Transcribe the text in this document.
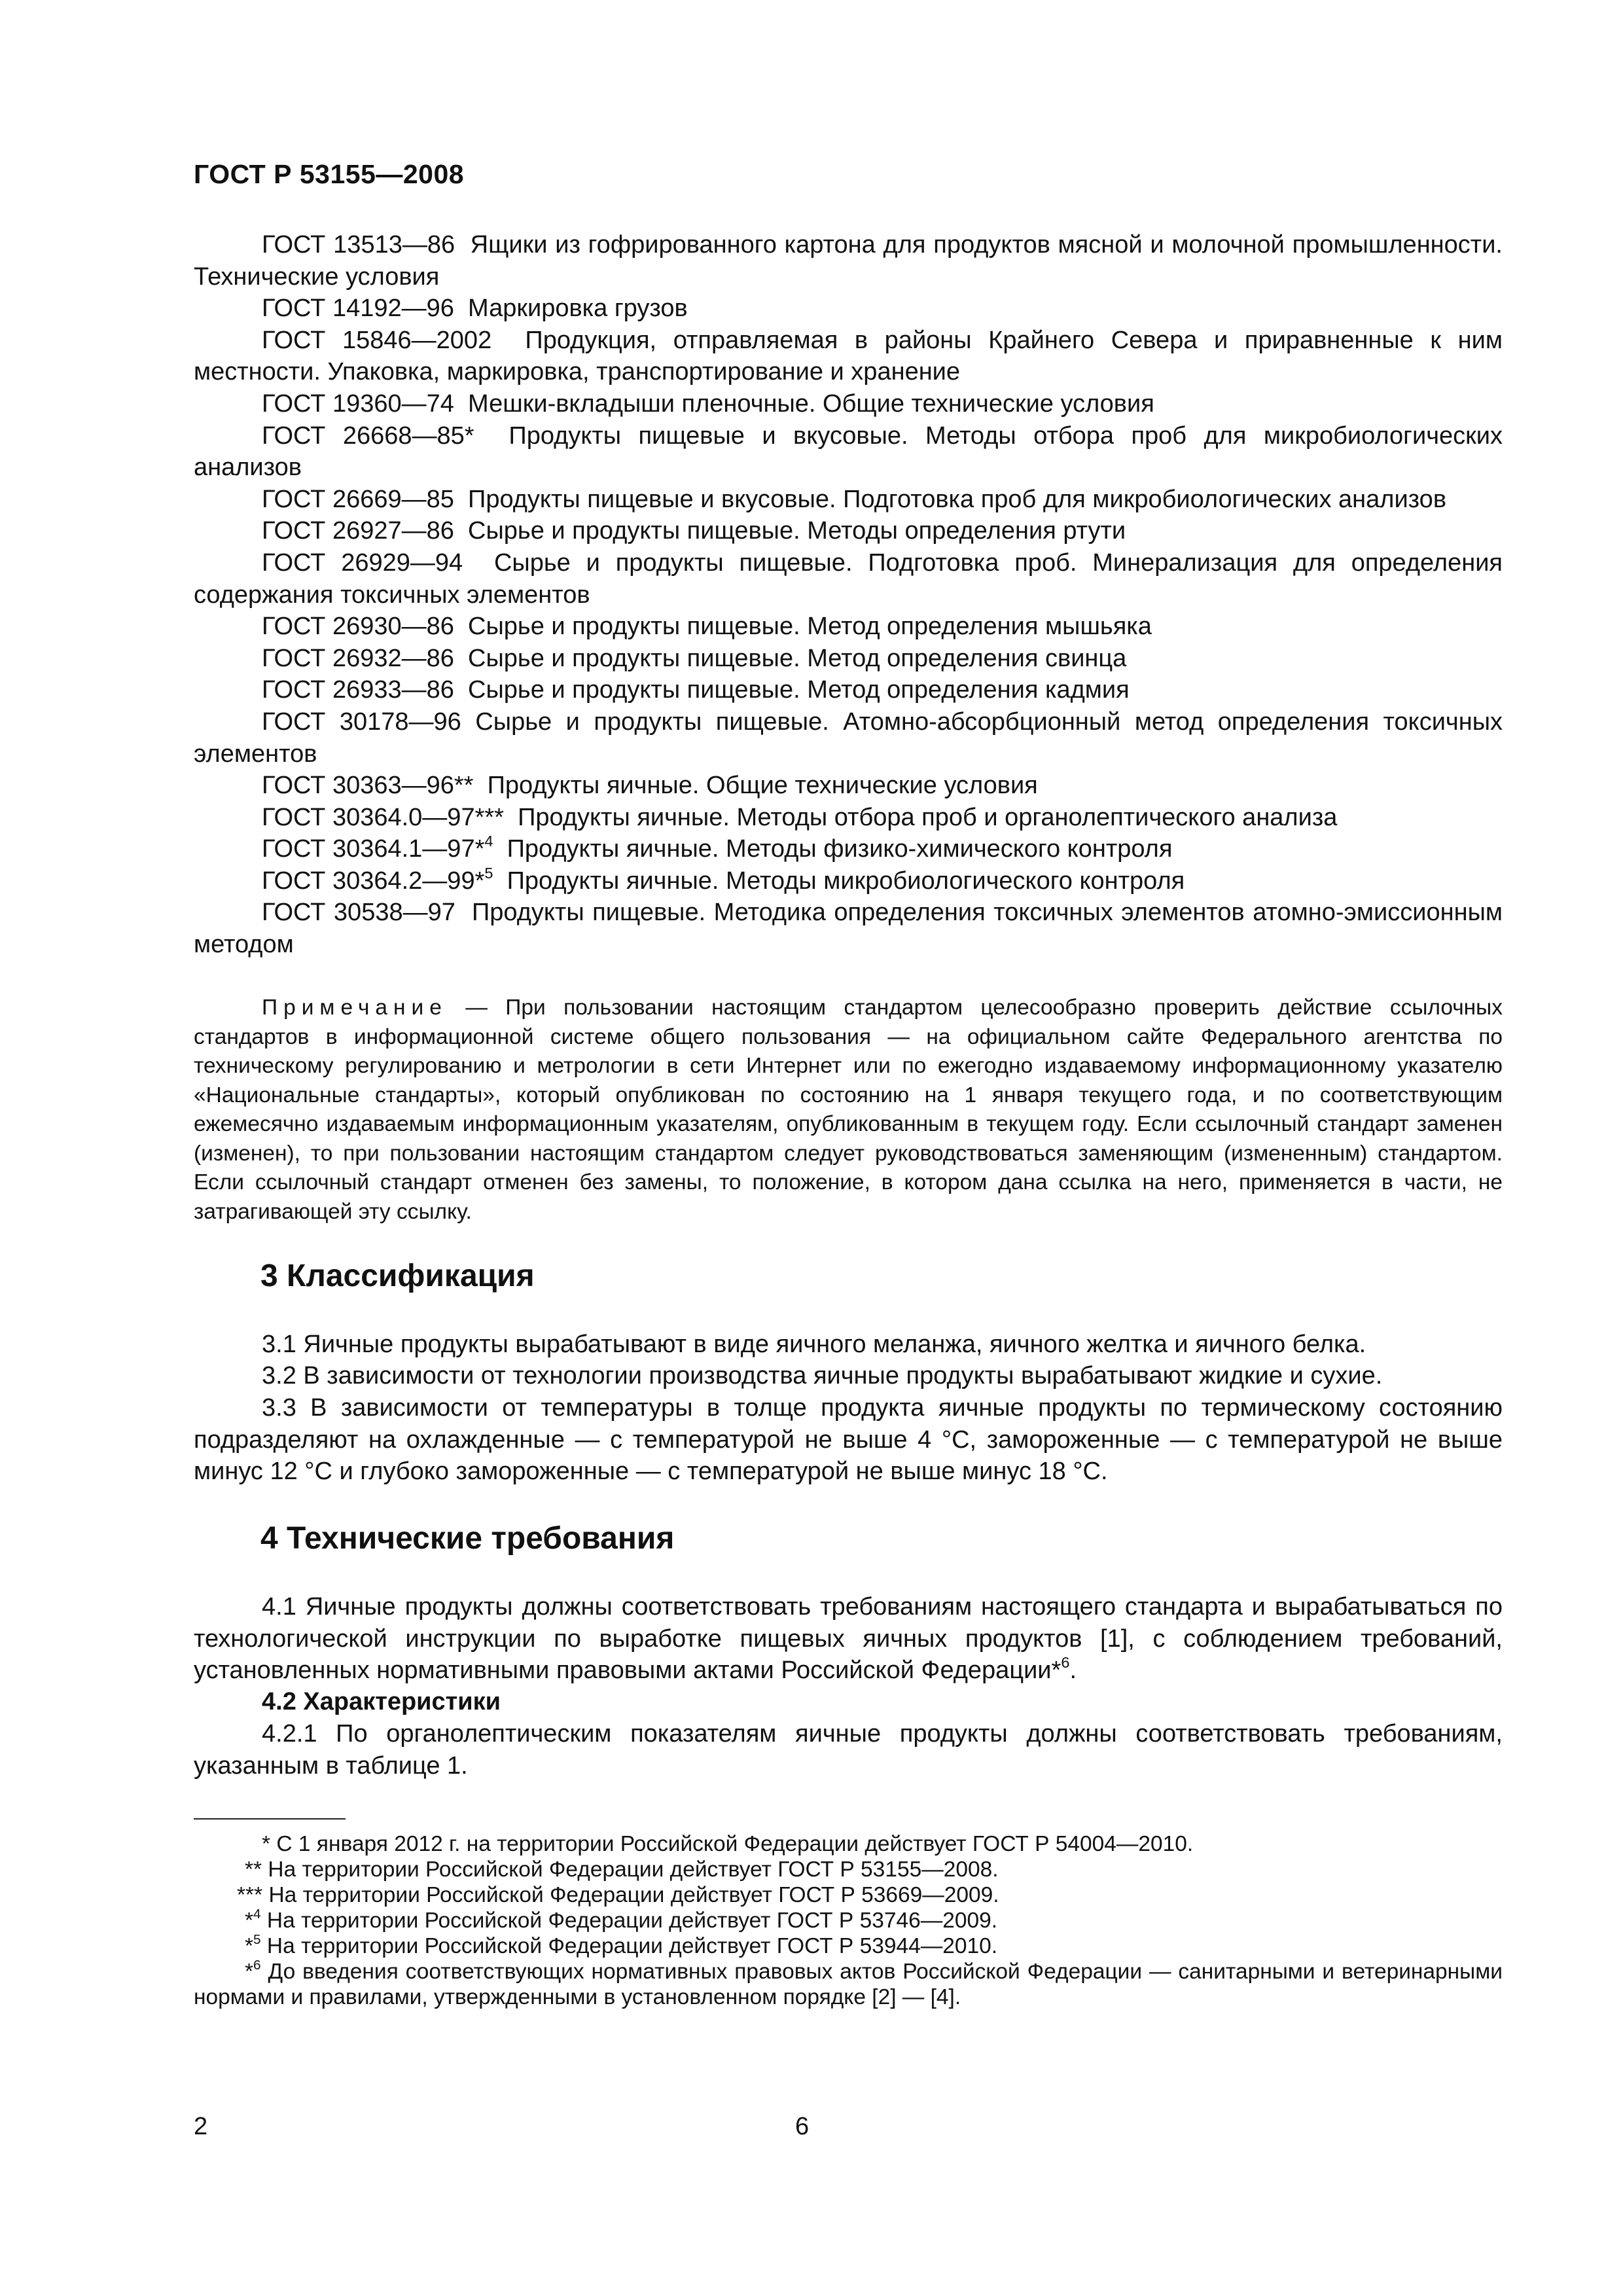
ГОСТ Р 53155—2008
ГОСТ 13513—86 Ящики из гофрированного картона для продуктов мясной и молочной промышленности. Технические условия
ГОСТ 14192—96 Маркировка грузов
ГОСТ 15846—2002 Продукция, отправляемая в районы Крайнего Севера и приравненные к ним местности. Упаковка, маркировка, транспортирование и хранение
ГОСТ 19360—74 Мешки-вкладыши пленочные. Общие технические условия
ГОСТ 26668—85* Продукты пищевые и вкусовые. Методы отбора проб для микробиологических анализов
ГОСТ 26669—85 Продукты пищевые и вкусовые. Подготовка проб для микробиологических анализов
ГОСТ 26927—86 Сырье и продукты пищевые. Методы определения ртути
ГОСТ 26929—94 Сырье и продукты пищевые. Подготовка проб. Минерализация для определения содержания токсичных элементов
ГОСТ 26930—86 Сырье и продукты пищевые. Метод определения мышьяка
ГОСТ 26932—86 Сырье и продукты пищевые. Метод определения свинца
ГОСТ 26933—86 Сырье и продукты пищевые. Метод определения кадмия
ГОСТ 30178—96 Сырье и продукты пищевые. Атомно-абсорбционный метод определения токсичных элементов
ГОСТ 30363—96** Продукты яичные. Общие технические условия
ГОСТ 30364.0—97*** Продукты яичные. Методы отбора проб и органолептического анализа
ГОСТ 30364.1—97*$^4$ Продукты яичные. Методы физико-химического контроля
ГОСТ 30364.2—99*$^5$ Продукты яичные. Методы микробиологического контроля
ГОСТ 30538—97 Продукты пищевые. Методика определения токсичных элементов атомно-эмиссионным методом
Примечание — При пользовании настоящим стандартом целесообразно проверить действие ссылочных стандартов в информационной системе общего пользования — на официальном сайте Федерального агентства по техническому регулированию и метрологии в сети Интернет или по ежегодно издаваемому информационному указателю «Национальные стандарты», который опубликован по состоянию на 1 января текущего года, и по соответствующим ежемесячно издаваемым информационным указателям, опубликованным в текущем году. Если ссылочный стандарт заменен (изменен), то при пользовании настоящим стандартом следует руководствоваться заменяющим (измененным) стандартом. Если ссылочный стандарт отменен без замены, то положение, в котором дана ссылка на него, применяется в части, не затрагивающей эту ссылку.
3 Классификация
3.1 Яичные продукты вырабатывают в виде яичного меланжа, яичного желтка и яичного белка.
3.2 В зависимости от технологии производства яичные продукты вырабатывают жидкие и сухие.
3.3 В зависимости от температуры в толще продукта яичные продукты по термическому состоянию подразделяют на охлажденные — с температурой не выше 4 °С, замороженные — с температурой не выше минус 12 °С и глубоко замороженные — с температурой не выше минус 18 °С.
4 Технические требования
4.1 Яичные продукты должны соответствовать требованиям настоящего стандарта и вырабатываться по технологической инструкции по выработке пищевых яичных продуктов [1], с соблюдением требований, установленных нормативными правовыми актами Российской Федерации*$^6$.
4.2 Характеристики
4.2.1 По органолептическим показателям яичные продукты должны соответствовать требованиям, указанным в таблице 1.
* С 1 января 2012 г. на территории Российской Федерации действует ГОСТ Р 54004—2010.
** На территории Российской Федерации действует ГОСТ Р 53155—2008.
*** На территории Российской Федерации действует ГОСТ Р 53669—2009.
*$^4$ На территории Российской Федерации действует ГОСТ Р 53746—2009.
*$^5$ На территории Российской Федерации действует ГОСТ Р 53944—2010.
*$^6$ До введения соответствующих нормативных правовых актов Российской Федерации — санитарными и ветеринарными нормами и правилами, утвержденными в установленном порядке [2] — [4].
2	6
